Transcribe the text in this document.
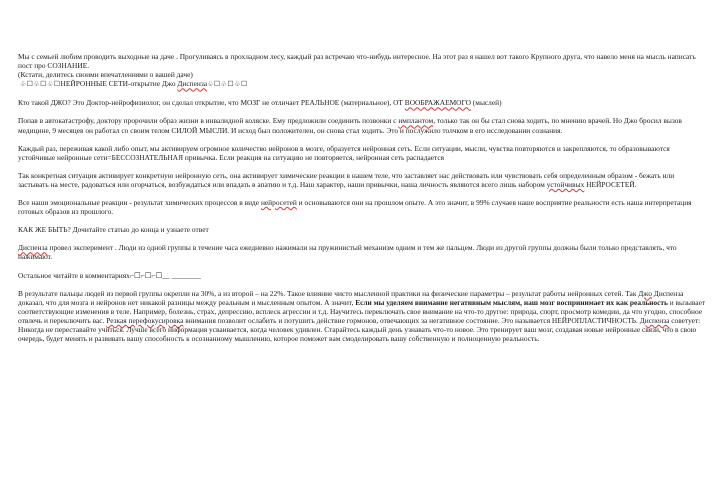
Мы с семьей любим проводить выходные на даче . Прогуливаясь в прохладном лесу, каждый раз встречаю что-нибудь интересное. На этот раз я нашел вот такого Крупного друга, что навело меня на мысль написать пост про СОЗНАНИЕ.
(Кстати, делитесь своими впечатлениями о вашей даче)

♧☐♧☐♧☐НЕЙРОННЫЕ СЕТИ-открытие Джо Диспенза♧☐♧☐♧☐

Кто такой ДЖО? Это Доктор-нейрофизиолог, он сделал открытие, что МОЗГ не отличает РЕАЛЬНОЕ (материальное), ОТ ВООБРАЖАЕМОГО (мыслей)

Попав в автокатастрофу, доктору пророчили образ жизни в инвалидной коляске. Ему предложили соединить позвонки с имплантом, только так он бы стал снова ходить, по мнению врачей. Но Джо бросил вызов медицине, 9 месяцев он работал со своим телом СИЛОЙ МЫСЛИ. И исход был положителен, он снова стал ходить. Это и послужило толчком в его исследовании сознания.

Каждый раз, переживая какой либо опыт, мы активируем огромное количество нейронов в мозге, образуется нейронная сеть. Если ситуации, мысли, чувства повторяются и закрепляются, то образовываются устойчивые нейронные сети=БЕССОЗНАТЕЛЬНАЯ привычка. Если реакция на ситуацию не повторяется, нейронная сеть распадается

Так конкретная ситуация активирует конкретную нейронную сеть, она активирует химические реакции в нашем теле, что заставляет нас действовать или чувствовать себя определенным образом - бежать или застывать на месте, радоваться или огорчаться, возбуждаться или впадать в апатию и т.д. Наш характер, наши привычки, наша личность являются всего лишь набором устойчивых НЕЙРОСЕТЕЙ.

Все наши эмоциональные реакции - результат химических процессов в виде нейросетей и основываются они на прошлом опыте. А это значит, в 99% случаев наше восприятие реальности есть наша интерпретация готовых образов из прошлого.

КАК ЖЕ БЫТЬ? Дочитайте статью до конца и узнаете ответ

Диспенза провел эксперимент . Люди из одной группы в течение часа ежедневно нажимали на пружинистый механизм одним и тем же пальцем. Люди из другой группы должны были только представлять, что нажимают.

Остальное читайте в комментариях⌐☐⌐☐⌐☐__ ________

В результате пальцы людей из первой группы окрепли на 30%, а из второй – на 22%. Такое влияние чисто мысленной практики на физические параметры – результат работы нейронных сетей. Так Джо Диспенза доказал, что для мозга и нейронов нет никакой разницы между реальным и мысленным опытом. А значит, Если мы уделяем внимание негативным мыслям, наш мозг воспринимает их как реальность и вызывает соответствующие изменения в теле. Например, болезнь, страх, депрессию, всплеск агрессии и т.д. Научитесь переключать свое внимание на что-то другое: природа, спорт, просмотр комедии, да что угодно, способное отвлечь и переключить вас. Резкая перефокусировка внимания позволит ослабить и потушить действие гормонов, отвечающих за негативное состояние. Это называется НЕЙРОПЛАСТИЧНОСТЬ. Диспенза советует: Никогда не переставайте учиться. Лучше всего информация усваивается, когда человек удивлен. Старайтесь каждый день узнавать что-то новое. Это тренирует ваш мозг, создавая новые нейронные связи, что в свою очередь, будет менять и развивать вашу способность к осознанному мышлению, которое поможет вам смоделировать вашу собственную и полноценную реальность.
